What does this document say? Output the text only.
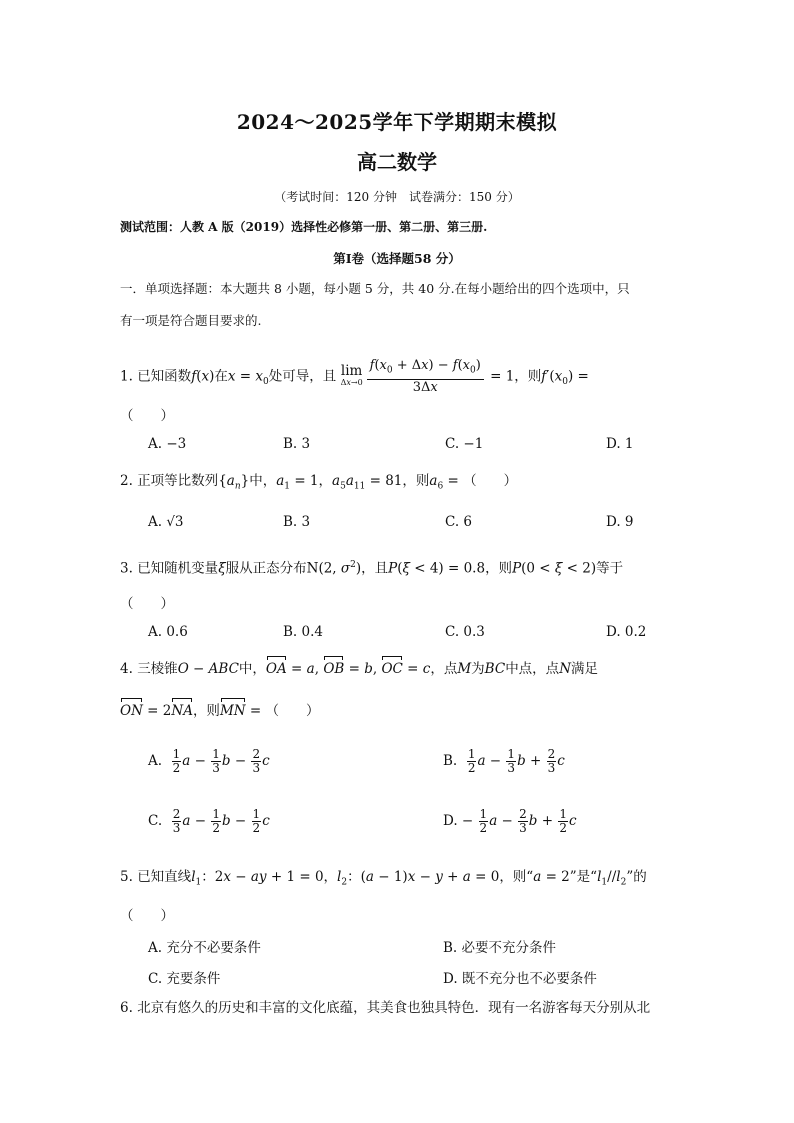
2024～2025学年下学期期末模拟
高二数学
（考试时间：120 分钟　试卷满分：150 分）
测试范围：人教 A 版（2019）选择性必修第一册、第二册、第三册.
第Ⅰ卷（选择题58 分）
一．单项选择题：本大题共 8 小题，每小题 5 分，共 40 分.在每小题给出的四个选项中，只
有一项是符合题目要求的.
1. 已知函数f(x)在$x = x_0$处可导，且 lim
$\Delta x\to 0 \frac{f(x_0 + \Delta x) - f(x_0)}{3\Delta x} = 1$，则$f'(x_0)$ =
（　　）
A. −3	B. 3	C. −1	D. 1
2. 正项等比数列$\{a_n\}$中，$a_1 = 1$，$a_5a_{11} = 81$，则$a_6$ = （　　）
A. √3	B. 3	C. 6	D. 9
3. 已知随机变量ξ服从正态分布N(2, $\sigma^2$)，且P(ξ < 4) = 0.8，则P(0 < ξ < 2)等于
（　　）
A. 0.6	B. 0.4	C. 0.3	D. 0.2
4. 三棱锥O − ABC中，OA = a, OB = b, OC = c，点M为BC中点，点N满足
ON = 2NA，则MN = （　　）
A. $\frac{1}{2}$ $a - \frac{1}{3}$ $b - \frac{2}{3}$ c	B. $\frac{1}{2}$ $a - \frac{1}{3}$ $b + \frac{2}{3}$ c
C. $\frac{2}{3}$ $a - \frac{1}{2}$ $b - \frac{1}{2}$ c	D. − $\frac{1}{2}$ $a - \frac{2}{3}$ $b + \frac{1}{2}$ c
5. 已知直线$l_1$：2x − ay + 1 = 0，$l_2$：(a − 1)x − y + a = 0，则“a = 2”是“$l_1//l_2$”的
（　　）
A. 充分不必要条件	B. 必要不充分条件
C. 充要条件	D. 既不充分也不必要条件
6. 北京有悠久的历史和丰富的文化底蕴，其美食也独具特色．现有一名游客每天分别从北
